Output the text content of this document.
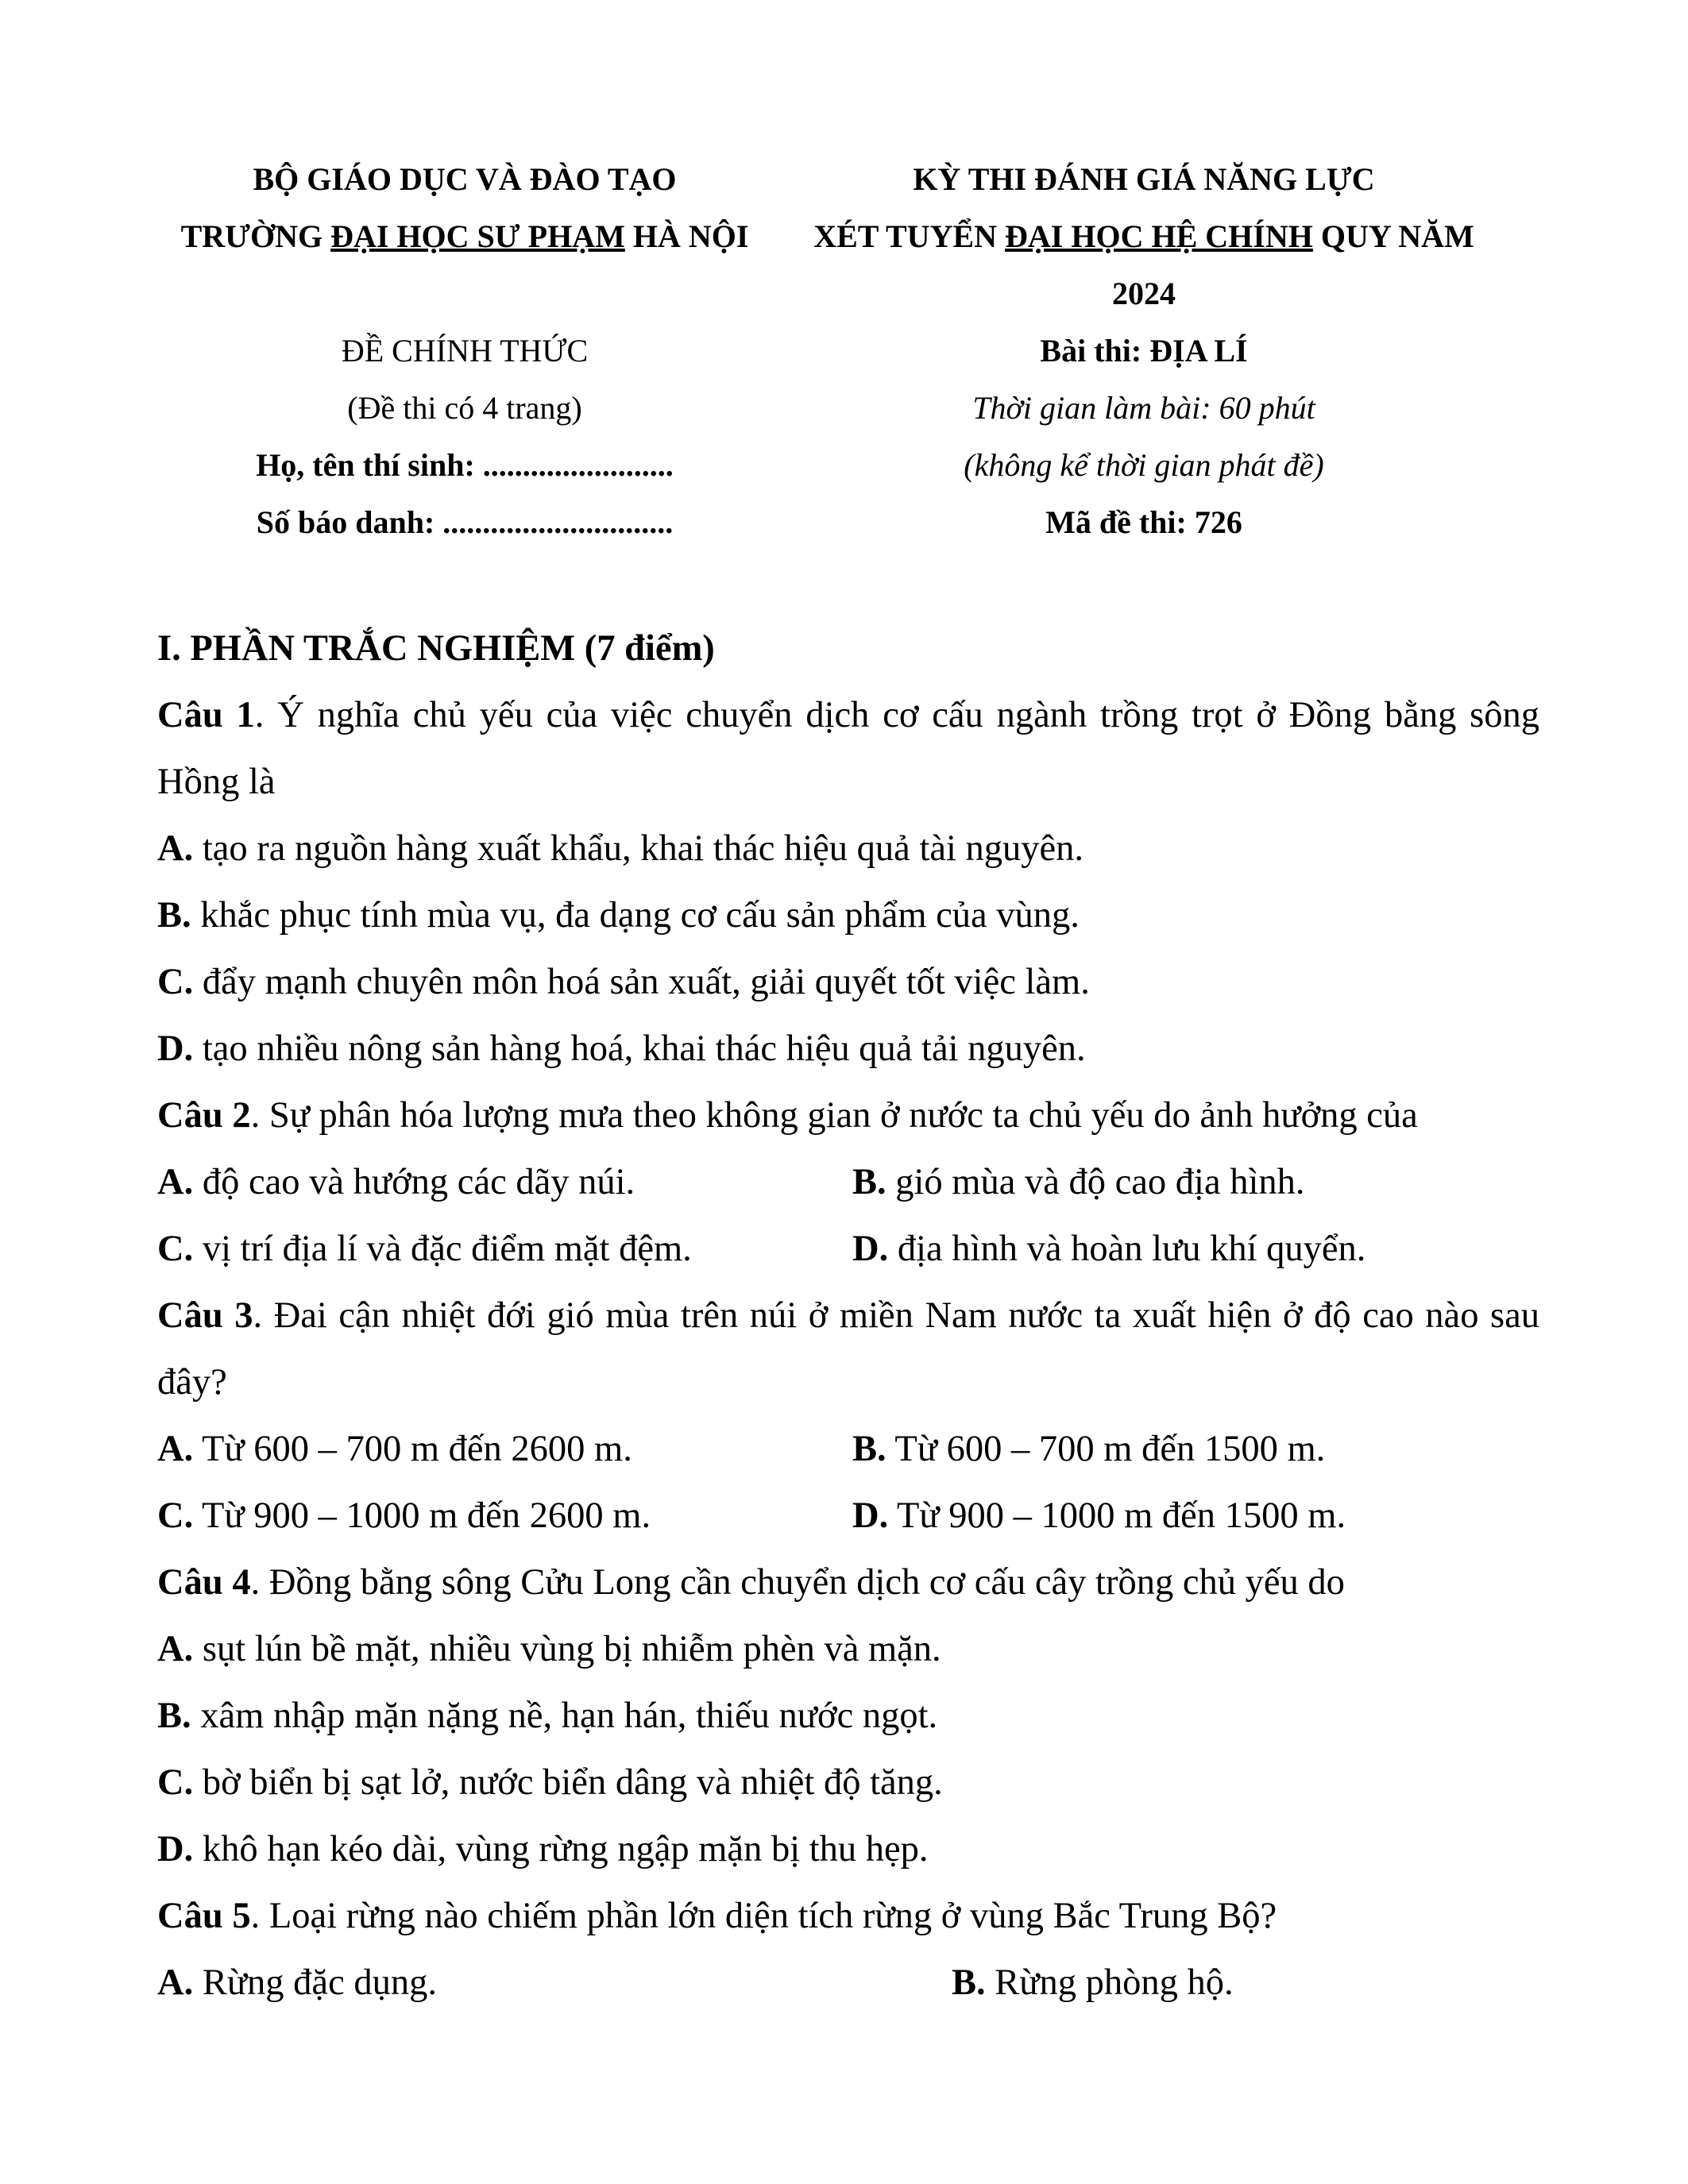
BỘ GIÁO DỤC VÀ ĐÀO TẠO
TRƯỜNG ĐẠI HỌC SƯ PHẠM HÀ NỘI
ĐỀ CHÍNH THỨC
(Đề thi có 4 trang)
Họ, tên thí sinh: ........................
Số báo danh: .............................
KỲ THI ĐÁNH GIÁ NĂNG LỰC
XÉT TUYỂN ĐẠI HỌC HỆ CHÍNH QUY NĂM
2024
Bài thi: ĐỊA LÍ
Thời gian làm bài: 60 phút
(không kể thời gian phát đề)
Mã đề thi: 726

I. PHẦN TRẮC NGHIỆM (7 điểm)

Câu 1. Ý nghĩa chủ yếu của việc chuyển dịch cơ cấu ngành trồng trọt ở Đồng bằng sông Hồng là

A. tạo ra nguồn hàng xuất khẩu, khai thác hiệu quả tài nguyên.
B. khắc phục tính mùa vụ, đa dạng cơ cấu sản phẩm của vùng.
C. đẩy mạnh chuyên môn hoá sản xuất, giải quyết tốt việc làm.
D. tạo nhiều nông sản hàng hoá, khai thác hiệu quả tải nguyên.

Câu 2. Sự phân hóa lượng mưa theo không gian ở nước ta chủ yếu do ảnh hưởng của

A. độ cao và hướng các dãy núi.	B. gió mùa và độ cao địa hình.
C. vị trí địa lí và đặc điểm mặt đệm.	D. địa hình và hoàn lưu khí quyển.

Câu 3. Đai cận nhiệt đới gió mùa trên núi ở miền Nam nước ta xuất hiện ở độ cao nào sau đây?

A. Từ 600 – 700 m đến 2600 m.	B. Từ 600 – 700 m đến 1500 m.
C. Từ 900 – 1000 m đến 2600 m.	D. Từ 900 – 1000 m đến 1500 m.

Câu 4. Đồng bằng sông Cửu Long cần chuyển dịch cơ cấu cây trồng chủ yếu do

A. sụt lún bề mặt, nhiều vùng bị nhiễm phèn và mặn.
B. xâm nhập mặn nặng nề, hạn hán, thiếu nước ngọt.
C. bờ biển bị sạt lở, nước biển dâng và nhiệt độ tăng.
D. khô hạn kéo dài, vùng rừng ngập mặn bị thu hẹp.

Câu 5. Loại rừng nào chiếm phần lớn diện tích rừng ở vùng Bắc Trung Bộ?

A. Rừng đặc dụng.	B. Rừng phòng hộ.
